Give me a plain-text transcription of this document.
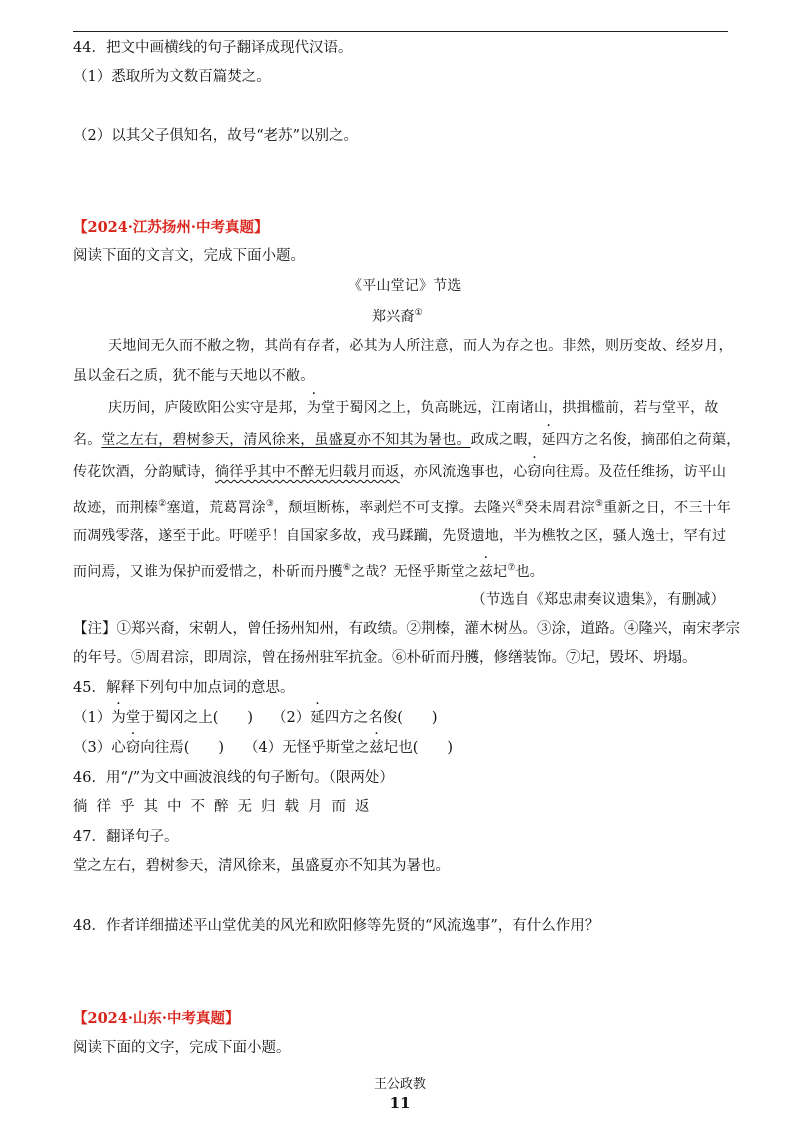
44．把文中画横线的句子翻译成现代汉语。
（1）悉取所为文数百篇焚之。
（2）以其父子俱知名，故号“老苏”以别之。
【2024·江苏扬州·中考真题】
阅读下面的文言文，完成下面小题。
《平山堂记》节选
郑兴裔①
天地间无久而不敝之物，其尚有存者，必其为人所注意，而人为存之也。非然，则历变故、经岁月，
虽以金石之质，犹不能与天地以不敝。
庆历间，庐陵欧阳公实守是邦，为堂于蜀冈之上，负高眺远，江南诸山，拱揖槛前，若与堂平，故
名。堂之左右，碧树参天，清风徐来，虽盛夏亦不知其为暑也。政成之暇，延四方之名俊，摘邵伯之荷蕖，
传花饮酒，分韵赋诗，徜徉乎其中不醉无归载月而返，亦风流逸事也，心窃向往焉。及莅任维扬，访平山
故迹，而荆榛②塞道，荒葛罥涂③，颓垣断栋，率剥烂不可支撑。去隆兴④癸未周君淙⑤重新之日，不三十年
而凋残零落，遂至于此。吁嗟乎！自国家多故，戎马蹂躏，先贤遗地，半为樵牧之区，骚人逸士，罕有过
而问焉，又谁为保护而爱惜之，朴斫而丹雘⑥之哉？无怪乎斯堂之兹圮⑦也。
（节选自《郑忠肃奏议遗集》，有删减）
【注】①郑兴裔，宋朝人，曾任扬州知州，有政绩。②荆榛，灌木树丛。③涂，道路。④隆兴，南宋孝宗
的年号。⑤周君淙，即周淙，曾在扬州驻军抗金。⑥朴斫而丹雘，修缮装饰。⑦圮，毁坏、坍塌。
45．解释下列句中加点词的意思。
（1）为堂于蜀冈之上(　　) （2）延四方之名俊(　　)
（3）心窃向往焉(　　) （4）无怪乎斯堂之兹圮也(　　)
46．用“/”为文中画波浪线的句子断句。（限两处）
徜徉乎其中不醉无归载月而返
47．翻译句子。
堂之左右，碧树参天，清风徐来，虽盛夏亦不知其为暑也。
48．作者详细描述平山堂优美的风光和欧阳修等先贤的“风流逸事”，有什么作用？
【2024·山东·中考真题】
阅读下面的文字，完成下面小题。
王公政教
11
